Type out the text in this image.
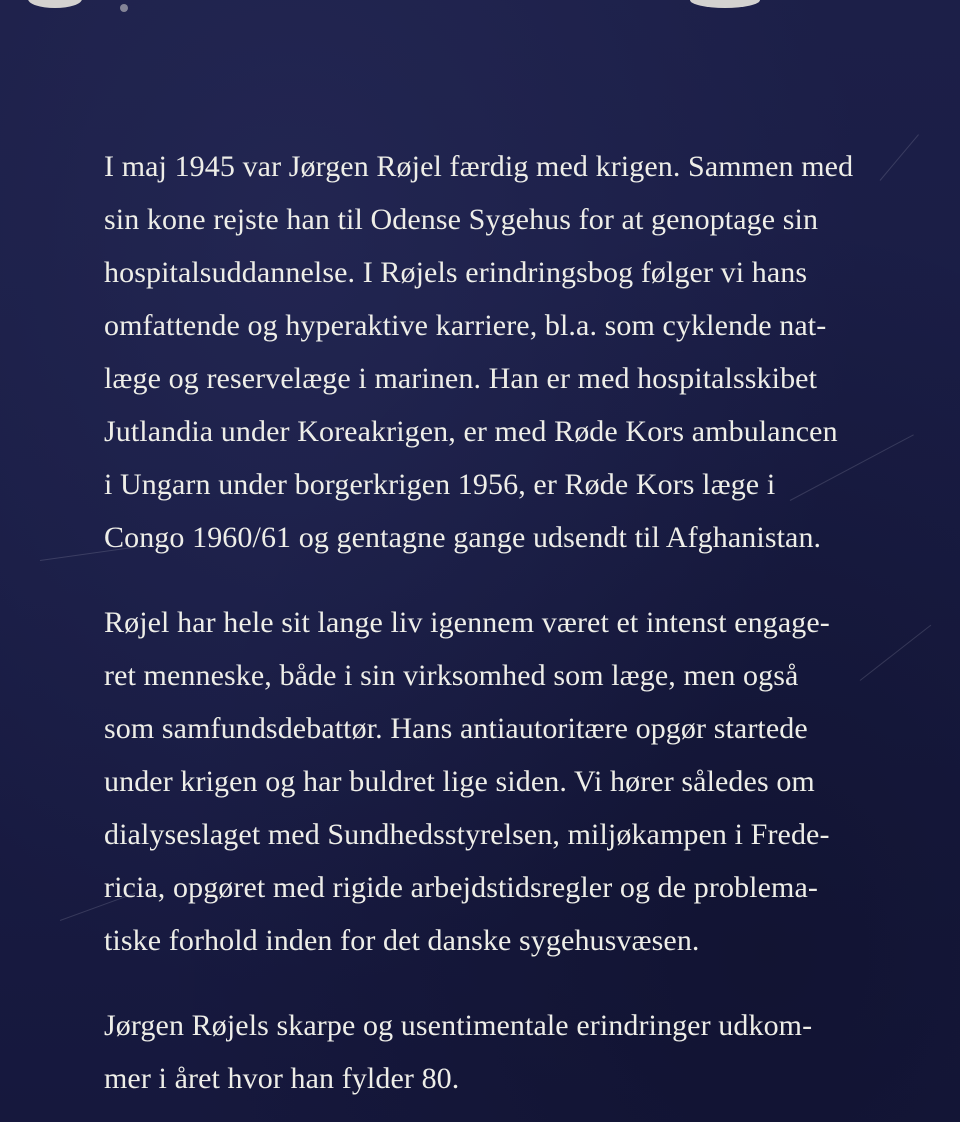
I maj 1945 var Jørgen Røjel færdig med krigen. Sammen med
sin kone rejste han til Odense Sygehus for at genoptage sin
hospitalsuddannelse. I Røjels erindringsbog følger vi hans
omfattende og hyperaktive karriere, bl.a. som cyklende nat-
læge og reservelæge i marinen. Han er med hospitalsskibet
Jutlandia under Koreakrigen, er med Røde Kors ambulancen
i Ungarn under borgerkrigen 1956, er Røde Kors læge i
Congo 1960/61 og gentagne gange udsendt til Afghanistan.

Røjel har hele sit lange liv igennem været et intenst engage-
ret menneske, både i sin virksomhed som læge, men også
som samfundsdebattør. Hans antiautoritære opgør startede
under krigen og har buldret lige siden. Vi hører således om
dialyseslaget med Sundhedsstyrelsen, miljøkampen i Frede-
ricia, opgøret med rigide arbejdstidsregler og de problema-
tiske forhold inden for det danske sygehusvæsen.

Jørgen Røjels skarpe og usentimentale erindringer udkom-
mer i året hvor han fylder 80.
